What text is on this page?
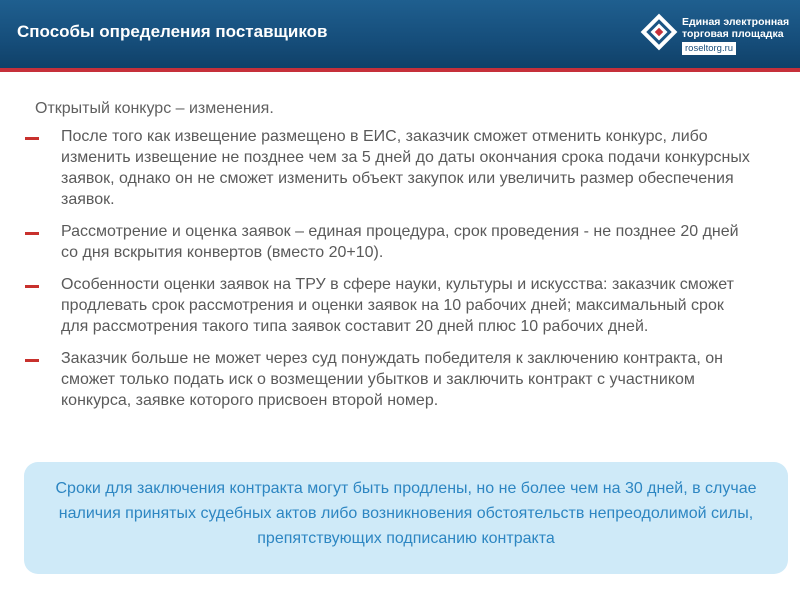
Способы определения поставщиков	Единая электронная
торговая площадка
roseltorg.ru
Открытый конкурс – изменения.
После того как извещение размещено в ЕИС, заказчик сможет отменить конкурс, либо изменить извещение не позднее чем за 5 дней до даты окончания срока подачи конкурсных заявок, однако он не сможет изменить объект закупок или увеличить размер обеспечения заявок.
Рассмотрение и оценка заявок – единая процедура, срок проведения - не позднее 20 дней со дня вскрытия конвертов (вместо 20+10).
Особенности оценки заявок на ТРУ в сфере науки, культуры и искусства: заказчик сможет продлевать срок рассмотрения и оценки заявок на 10 рабочих дней; максимальный срок для рассмотрения такого типа заявок составит 20 дней плюс 10 рабочих дней.
Заказчик больше не может через суд понуждать победителя к заключению контракта, он сможет только подать иск о возмещении убытков и заключить контракт с участником конкурса, заявке которого присвоен второй номер.
Сроки для заключения контракта могут быть продлены, но не более чем на 30 дней, в случае наличия принятых судебных актов либо возникновения обстоятельств непреодолимой силы, препятствующих подписанию контракта
